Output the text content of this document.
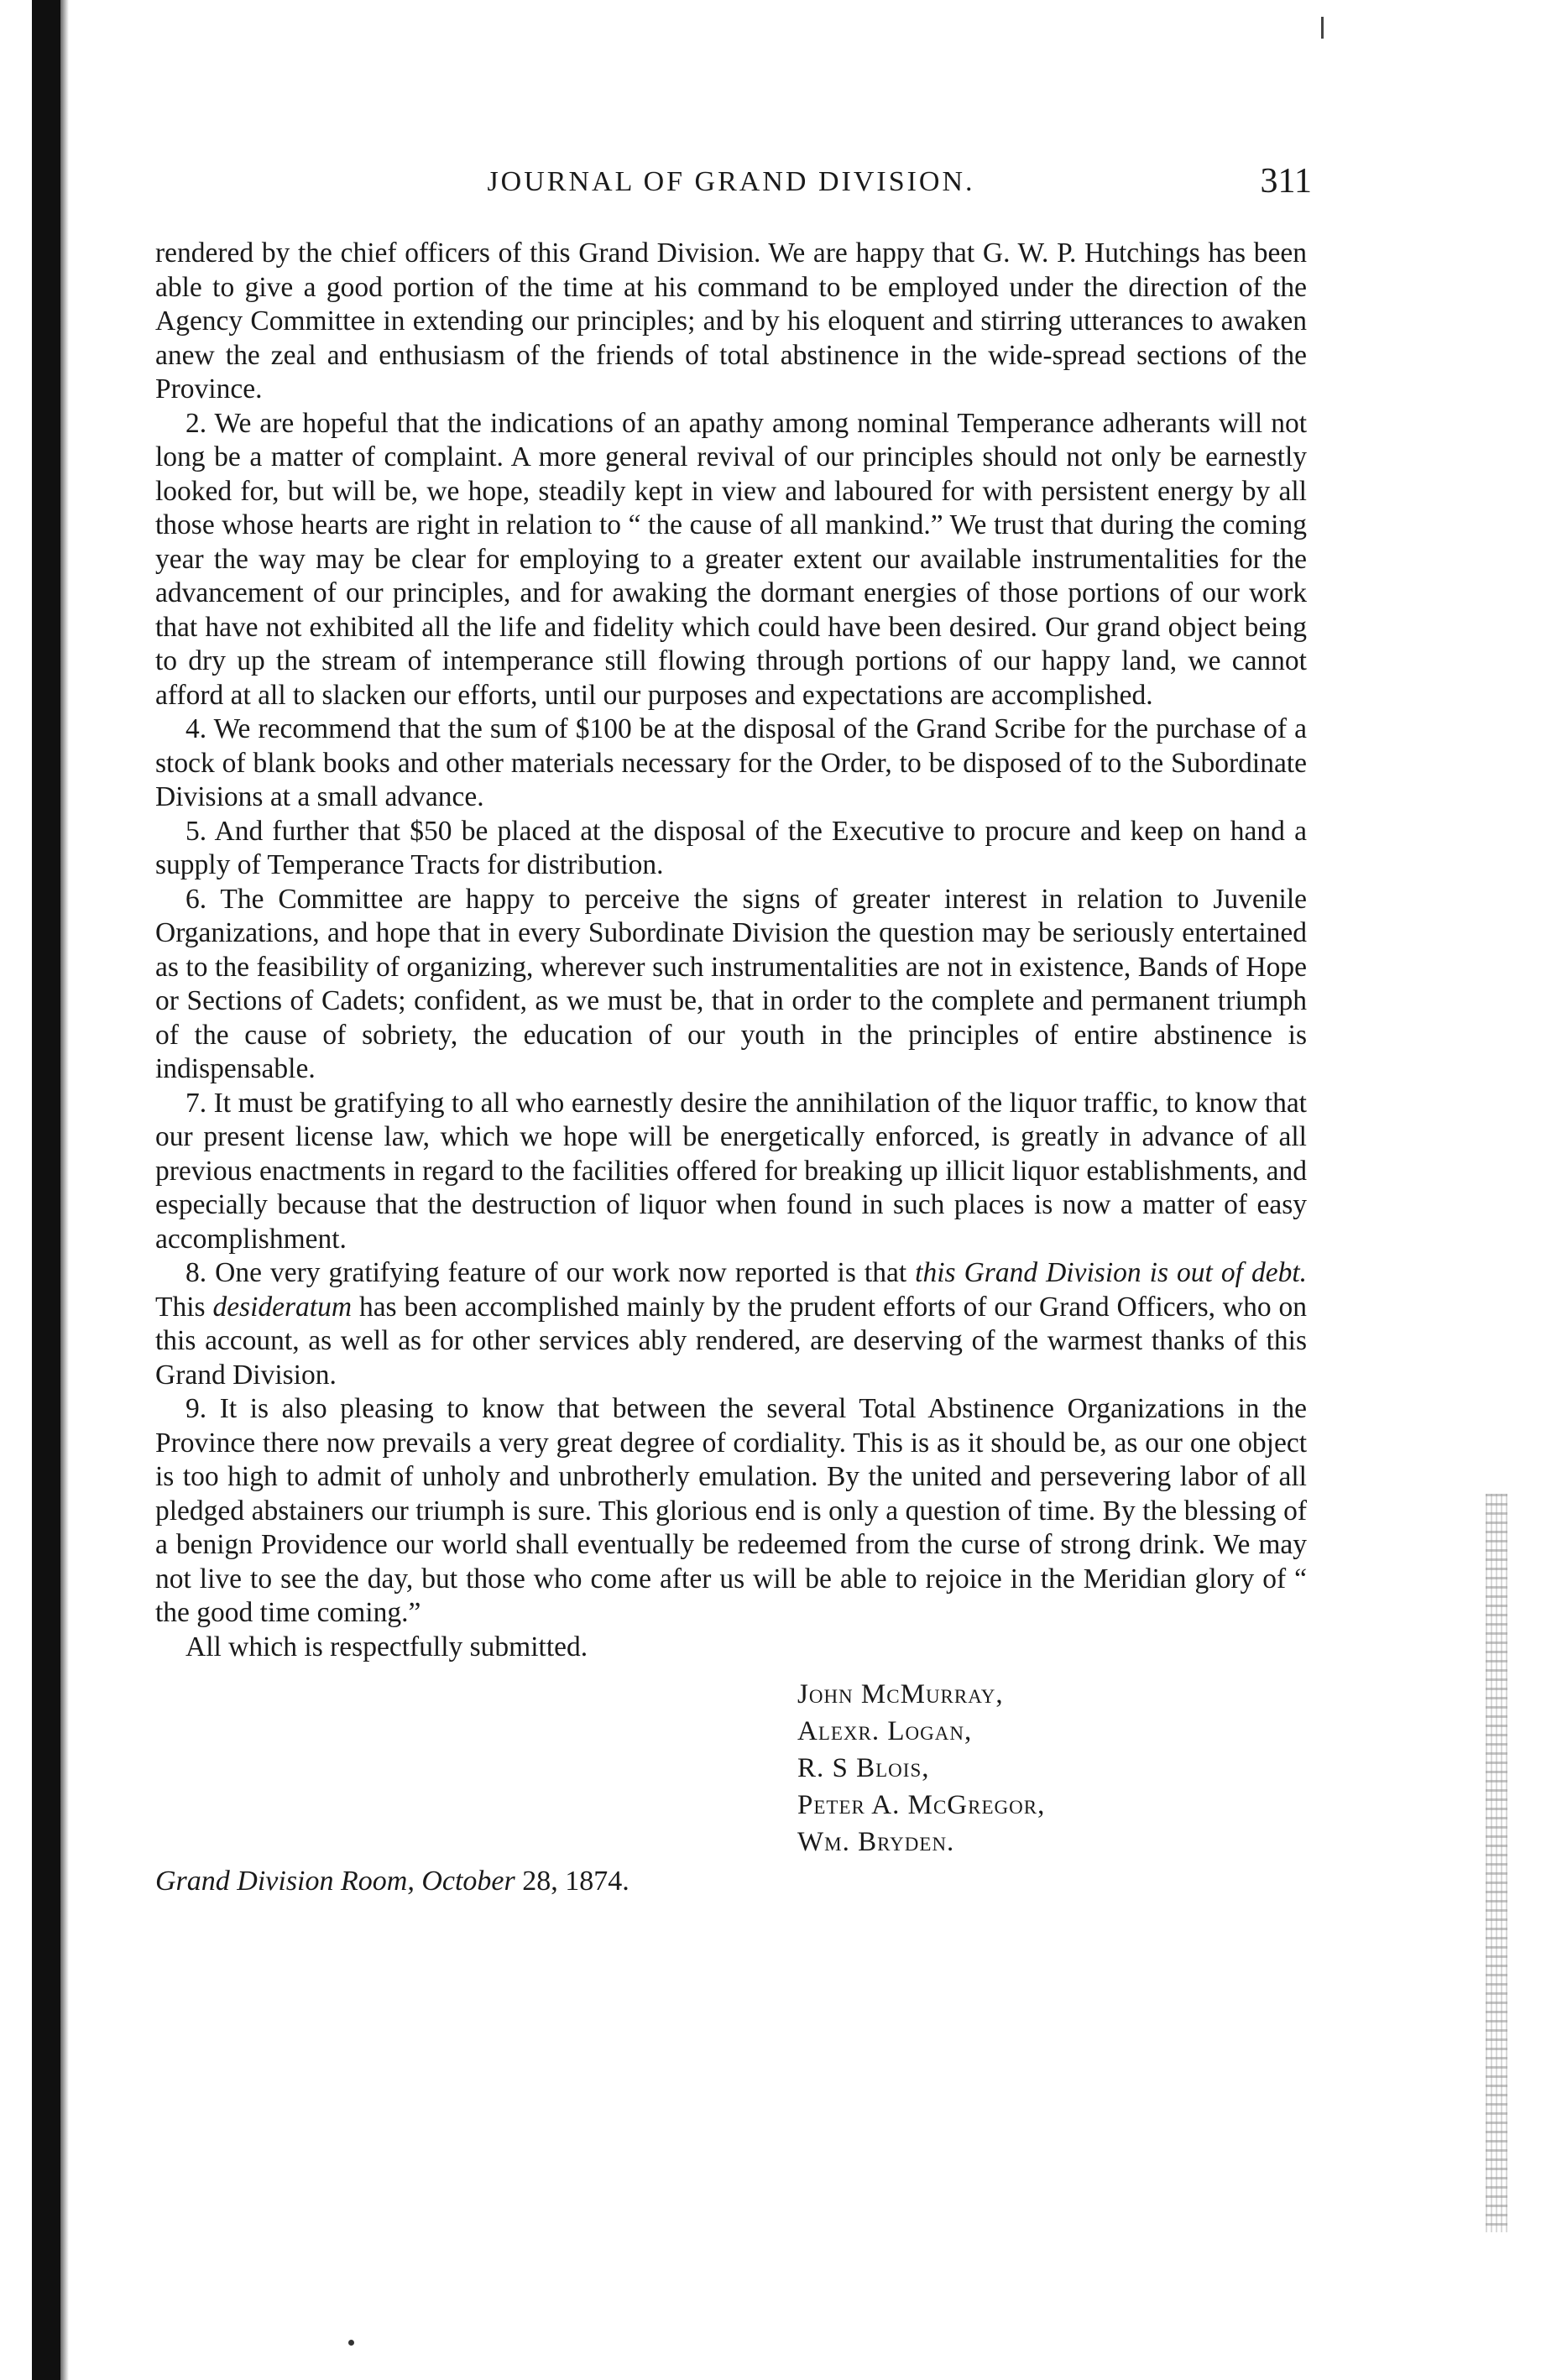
JOURNAL OF GRAND DIVISION.	311

rendered by the chief officers of this Grand Division. We are happy that G. W. P. Hutchings has been able to give a good portion of the time at his command to be employed under the direction of the Agency Committee in extending our principles; and by his eloquent and stirring utterances to awaken anew the zeal and enthusiasm of the friends of total abstinence in the wide-spread sections of the Province.

2. We are hopeful that the indications of an apathy among nominal Temperance adherants will not long be a matter of complaint. A more general revival of our principles should not only be earnestly looked for, but will be, we hope, steadily kept in view and laboured for with persistent energy by all those whose hearts are right in relation to “ the cause of all mankind.” We trust that during the coming year the way may be clear for employing to a greater extent our available instrumentalities for the advancement of our principles, and for awaking the dormant energies of those portions of our work that have not exhibited all the life and fidelity which could have been desired. Our grand object being to dry up the stream of intemperance still flowing through portions of our happy land, we cannot afford at all to slacken our efforts, until our purposes and expectations are accomplished.

4. We recommend that the sum of $100 be at the disposal of the Grand Scribe for the purchase of a stock of blank books and other materials necessary for the Order, to be disposed of to the Subordinate Divisions at a small advance.

5. And further that $50 be placed at the disposal of the Executive to procure and keep on hand a supply of Temperance Tracts for distribution.

6. The Committee are happy to perceive the signs of greater interest in relation to Juvenile Organizations, and hope that in every Subordinate Division the question may be seriously entertained as to the feasibility of organizing, wherever such instrumentalities are not in existence, Bands of Hope or Sections of Cadets; confident, as we must be, that in order to the complete and permanent triumph of the cause of sobriety, the education of our youth in the principles of entire abstinence is indispensable.

7. It must be gratifying to all who earnestly desire the annihilation of the liquor traffic, to know that our present license law, which we hope will be energetically enforced, is greatly in advance of all previous enactments in regard to the facilities offered for breaking up illicit liquor establishments, and especially because that the destruction of liquor when found in such places is now a matter of easy accomplishment.

8. One very gratifying feature of our work now reported is that this Grand Division is out of debt. This desideratum has been accomplished mainly by the prudent efforts of our Grand Officers, who on this account, as well as for other services ably rendered, are deserving of the warmest thanks of this Grand Division.

9. It is also pleasing to know that between the several Total Abstinence Organizations in the Province there now prevails a very great degree of cordiality. This is as it should be, as our one object is too high to admit of unholy and unbrotherly emulation. By the united and persevering labor of all pledged abstainers our triumph is sure. This glorious end is only a question of time. By the blessing of a benign Providence our world shall eventually be redeemed from the curse of strong drink. We may not live to see the day, but those who come after us will be able to rejoice in the Meridian glory of “ the good time coming.”

All which is respectfully submitted.

John McMurray,
Alexr. Logan,
R. S Blois,
Peter A. McGregor,
Wm. Bryden.
Grand Division Room, October 28, 1874.
